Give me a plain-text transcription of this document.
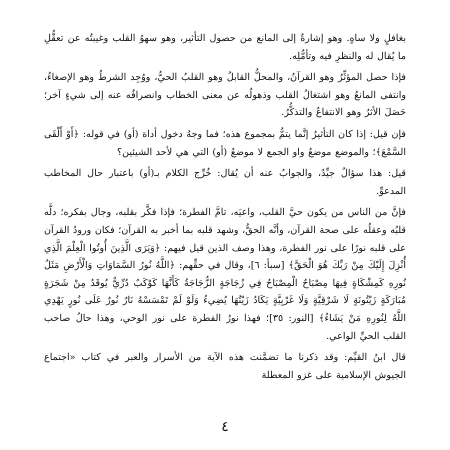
بغافلٍ ولا ساهٍ. وهو إشارةٌ إلى المانع من حصول التأثير، وهو سهوُ القلب وغيبتُه عن تعقُّلِ ما يُقال له والنظرِ فيه وتأمُّلِه.

فإذا حصل المؤثِّرُ وهو القرآنُ، والمحلُّ القابلُ وهو القلبُ الحيُّ، ووُجِد الشرطُ وهو الإصغاءُ، وانتفى المانعُ وهو اشتغالُ القلب وذهولُه عن معنى الخطاب وانصرافُه عنه إلى شيءٍ آخر؛ حَصَلَ الأثرُ وهو الانتفاعُ والتذكُّرُ.

فإن قيل: إذا كان التأثيرُ إنَّما يتمُّ بمجموع هذه؛ فما وجهُ دخول أداة (أو) في قوله: ﴿أَوْ أَلْقَى السَّمْعَ﴾؛ والموضع موضعُ واو الجمع لا موضعُ (أو) التي هي لأحد الشيئين؟

قيل: هذا سؤالٌ جيِّدٌ، والجوابُ عنه أن يُقال: خُرِّج الكلام بـ(أو) باعتبار حال المخاطب المدعوِّ.

فإنَّ من الناس من يكون حيَّ القلب، واعيَه، تامَّ الفطرة؛ فإذا فكَّر بقلبه، وجال بفكره؛ دلَّه قلبُه وعقلُه على صحة القرآن، وأنَّه الحقُّ، وشهد قلبه بما أخبر به القرآن؛ فكان ورودُ القرآن على قلبه نورًا على نور الفطرة، وهذا وصف الذين قيل فيهم: ﴿وَيَرَى الَّذِينَ أُوتُوا الْعِلْمَ الَّذِي أُنْزِلَ إِلَيْكَ مِنْ رَبِّكَ هُوَ الْحَقَّ﴾ [سبأ: ٦]، وقال في حقِّهم: ﴿اللَّهُ نُورُ السَّمَاوَاتِ وَالْأَرْضِ مَثَلُ نُورِهِ كَمِشْكَاةٍ فِيهَا مِصْبَاحٌ الْمِصْبَاحُ فِي زُجَاجَةٍ الزُّجَاجَةُ كَأَنَّهَا كَوْكَبٌ دُرِّيٌّ يُوقَدُ مِنْ شَجَرَةٍ مُبَارَكَةٍ زَيْتُونَةٍ لَا شَرْقِيَّةٍ وَلَا غَرْبِيَّةٍ يَكَادُ زَيْتُهَا يُضِيءُ وَلَوْ لَمْ تَمْسَسْهُ نَارٌ نُورٌ عَلَى نُورٍ يَهْدِي اللَّهُ لِنُورِهِ مَنْ يَشَاءُ﴾ [النور: ٣٥]؛ فهذا نورُ الفطرة على نور الوحي، وهذا حالُ صاحب القلب الحيِّ الواعي.

قال ابنُ القيِّم: وقد ذكرنا ما تضمَّنت هذه الآية من الأسرار والعبر في كتاب «اجتماع الجيوش الإسلامية على غزو المعطلة

٤
